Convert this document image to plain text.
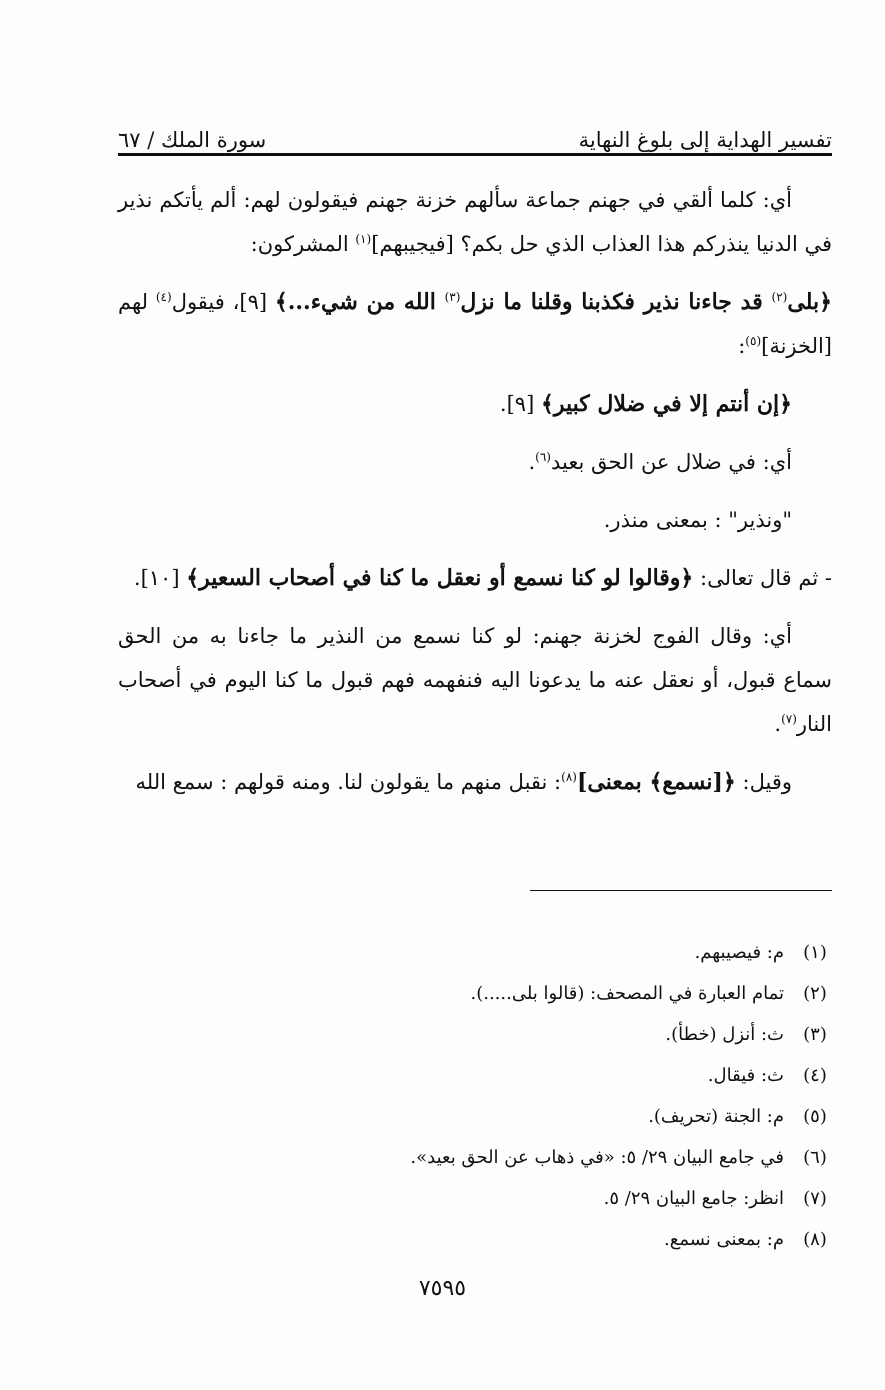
تفسير الهداية إلى بلوغ النهاية
سورة الملك / ٦٧

أي: كلما ألقي في جهنم جماعة سألهم خزنة جهنم فيقولون لهم: ألم يأتكم نذير في الدنيا ينذركم هذا العذاب الذي حل بكم؟ [فيجيبهم]$^{(١)}$ المشركون:

﴿بلى$^{(٢)}$ قد جاءنا نذير فكذبنا وقلنا ما نزل$^{(٣)}$ الله من شيء...﴾ [٩]، فيقول$^{(٤)}$ لهم [الخزنة]$^{(٥)}$:

﴿إن أنتم إلا في ضلال كبير﴾ [٩].

أي: في ضلال عن الحق بعيد$^{(٦)}$.

"ونذير" : بمعنى منذر.

- ثم قال تعالى: ﴿وقالوا لو كنا نسمع أو نعقل ما كنا في أصحاب السعير﴾ [١٠].

أي: وقال الفوج لخزنة جهنم: لو كنا نسمع من النذير ما جاءنا به من الحق سماع قبول، أو نعقل عنه ما يدعونا اليه فنفهمه فهم قبول ما كنا اليوم في أصحاب النار$^{(٧)}$.

وقيل: ﴿[نسمع﴾ بمعنى]$^{(٨)}$: نقبل منهم ما يقولون لنا. ومنه قولهم : سمع الله

(١)
م: فيصيبهم.
(٢)
تمام العبارة في المصحف: (قالوا بلى.....).
(٣)
ث: أنزل (خطأ).
(٤)
ث: فيقال.
(٥)
م: الجنة (تحريف).
(٦)
في جامع البيان ٢٩/ ٥: «في ذهاب عن الحق بعيد».
(٧)
انظر: جامع البيان ٢٩/ ٥.
(٨)
م: بمعنى نسمع.
٧٥٩٥
